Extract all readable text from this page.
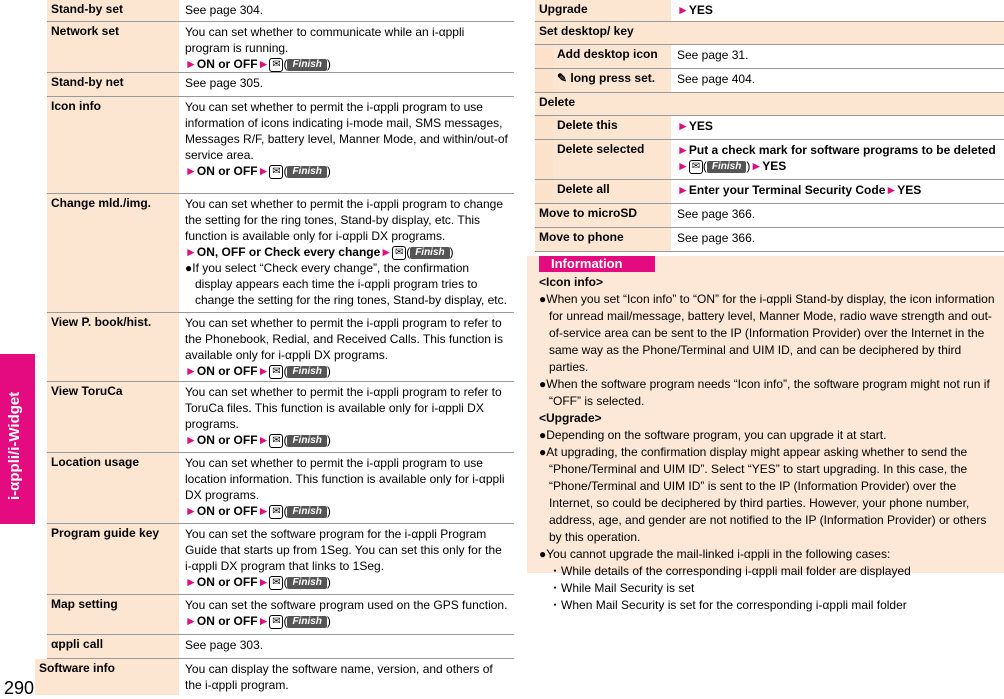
i-αppli/i-Widget
290
Stand-by set	See page 304.
Network set	You can set whether to communicate while an i-αppli program is running.
►ON or OFF► ✉ ( Finish )
Stand-by net	See page 305.
Icon info	You can set whether to permit the i-αppli program to use information of icons indicating i-mode mail, SMS messages, Messages R/F, battery level, Manner Mode, and within/out-of service area.
►ON or OFF► ✉ ( Finish )
Change mld./img.	You can set whether to permit the i-αppli program to change the setting for the ring tones, Stand-by display, etc. This function is available only for i-αppli DX programs.
►ON, OFF or Check every change► ✉ ( Finish )
●If you select “Check every change”, the confirmation display appears each time the i-αppli program tries to change the setting for the ring tones, Stand-by display, etc.
View P. book/hist.	You can set whether to permit the i-αppli program to refer to the Phonebook, Redial, and Received Calls. This function is available only for i-αppli DX programs.
►ON or OFF► ✉ ( Finish )
View ToruCa	You can set whether to permit the i-αppli program to refer to ToruCa files. This function is available only for i-αppli DX programs.
►ON or OFF► ✉ ( Finish )
Location usage	You can set whether to permit the i-αppli program to use location information. This function is available only for i-αppli DX programs.
►ON or OFF► ✉ ( Finish )
Program guide key	You can set the software program for the i-αppli Program Guide that starts up from 1Seg. You can set this only for the i-αppli DX program that links to 1Seg.
►ON or OFF► ✉ ( Finish )
Map setting	You can set the software program used on the GPS function.
►ON or OFF► ✉ ( Finish )
αppli call	See page 303.
Software info	You can display the software name, version, and others of the i-αppli program.
Upgrade	►YES
Set desktop/ key
Add desktop icon	See page 31.
✎ long press set.	See page 404.
Delete
Delete this	►YES
Delete selected	►Put a check mark for software programs to be deleted
► ✉ ( Finish )►YES
Delete all	►Enter your Terminal Security Code►YES
Move to microSD	See page 366.
Move to phone	See page 366.
Information
<Icon info>
●When you set “Icon info” to “ON” for the i-αppli Stand-by display, the icon information for unread mail/message, battery level, Manner Mode, radio wave strength and out-of-service area can be sent to the IP (Information Provider) over the Internet in the same way as the Phone/Terminal and UIM ID, and can be deciphered by third parties.
●When the software program needs “Icon info”, the software program might not run if “OFF” is selected.
<Upgrade>
●Depending on the software program, you can upgrade it at start.
●At upgrading, the confirmation display might appear asking whether to send the “Phone/Terminal and UIM ID”. Select “YES” to start upgrading. In this case, the “Phone/Terminal and UIM ID” is sent to the IP (Information Provider) over the Internet, so could be deciphered by third parties. However, your phone number, address, age, and gender are not notified to the IP (Information Provider) or others by this operation.
●You cannot upgrade the mail-linked i-αppli in the following cases:
・While details of the corresponding i-αppli mail folder are displayed
・While Mail Security is set
・When Mail Security is set for the corresponding i-αppli mail folder
